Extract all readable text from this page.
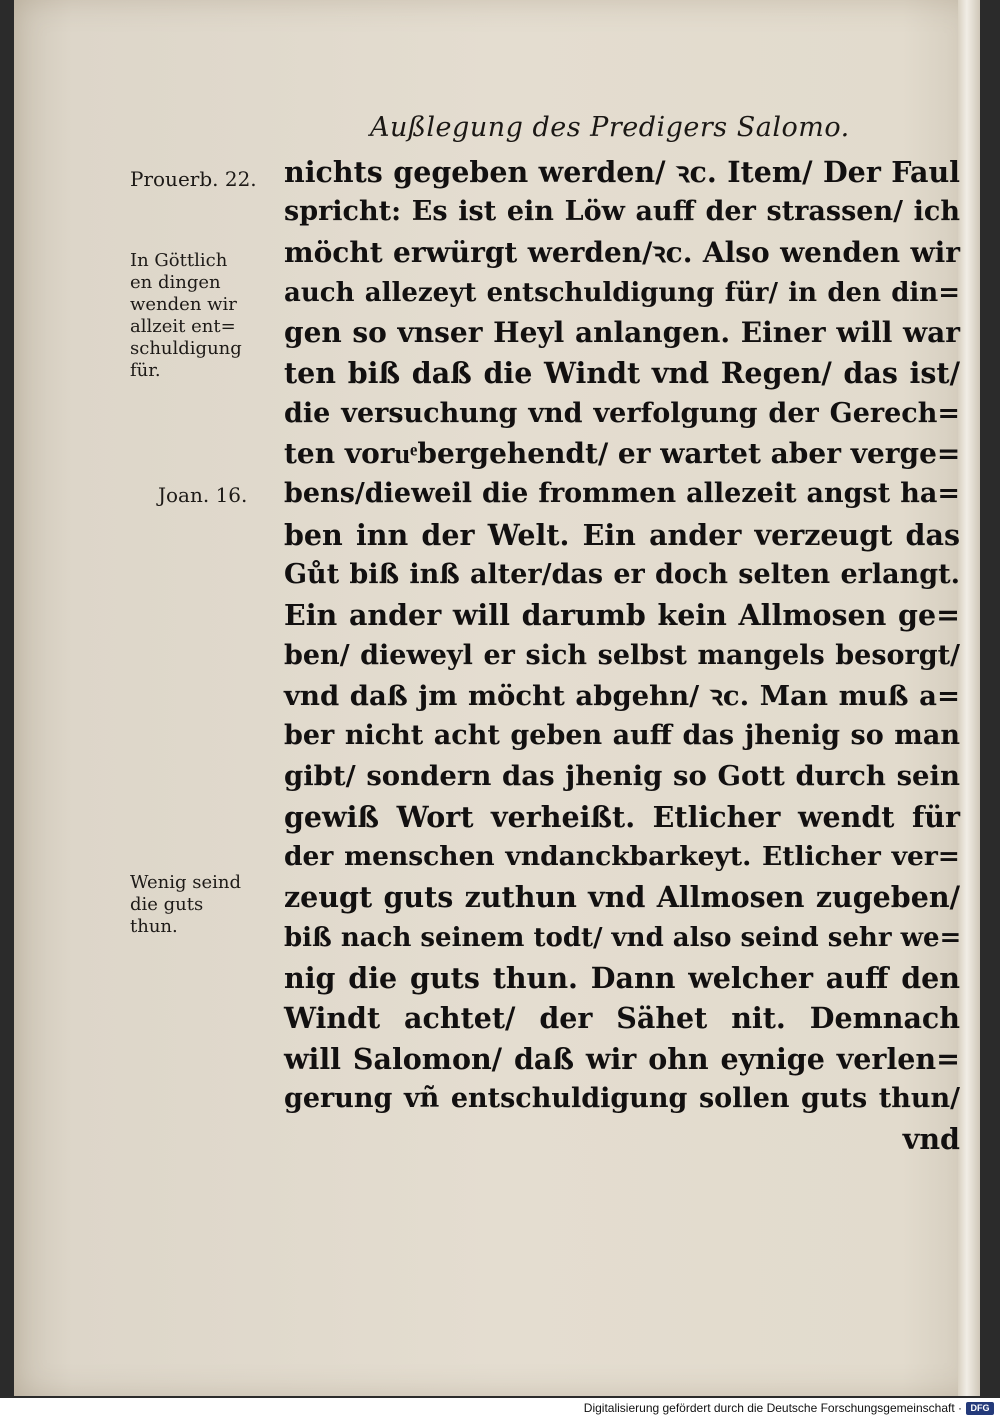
Außlegung des Predigers Salomo.
Prouerb. 22.
In Göttlich
en dingen
wenden wir
allzeit ent=
schuldigung
für.
Joan. 16.
Wenig seind
die guts
thun.
nichts gegeben werden/ ꝛc. Item/ Der Faul
spricht: Es ist ein Löw auff der strassen/ ich
möcht erwürgt werden/ꝛc. Also wenden wir
auch allezeyt entschuldigung für/ in den din=
gen so vnser Heyl anlangen. Einer will war
ten biß daß die Windt vnd Regen/ das ist/
die versuchung vnd verfolgung der Gerech=
ten voruͤbergehendt/ er wartet aber verge=
bens/dieweil die frommen allezeit angst ha=
ben inn der Welt. Ein ander verzeugt das
Gůt biß inß alter/das er doch selten erlangt.
Ein ander will darumb kein Allmosen ge=
ben/ dieweyl er sich selbst mangels besorgt/
vnd daß jm möcht abgehn/ ꝛc. Man muß a=
ber nicht acht geben auff das jhenig so man
gibt/ sondern das jhenig so Gott durch sein
gewiß Wort verheißt. Etlicher wendt für
der menschen vndanckbarkeyt. Etlicher ver=
zeugt guts zuthun vnd Allmosen zugeben/
biß nach seinem todt/ vnd also seind sehr we=
nig die guts thun. Dann welcher auff den
Windt achtet/ der Sähet nit. Demnach
will Salomon/ daß wir ohn eynige verlen=
gerung vñ entschuldigung sollen guts thun/
vnd
Digitalisierung gefördert durch die Deutsche Forschungsgemeinschaft · DFG
